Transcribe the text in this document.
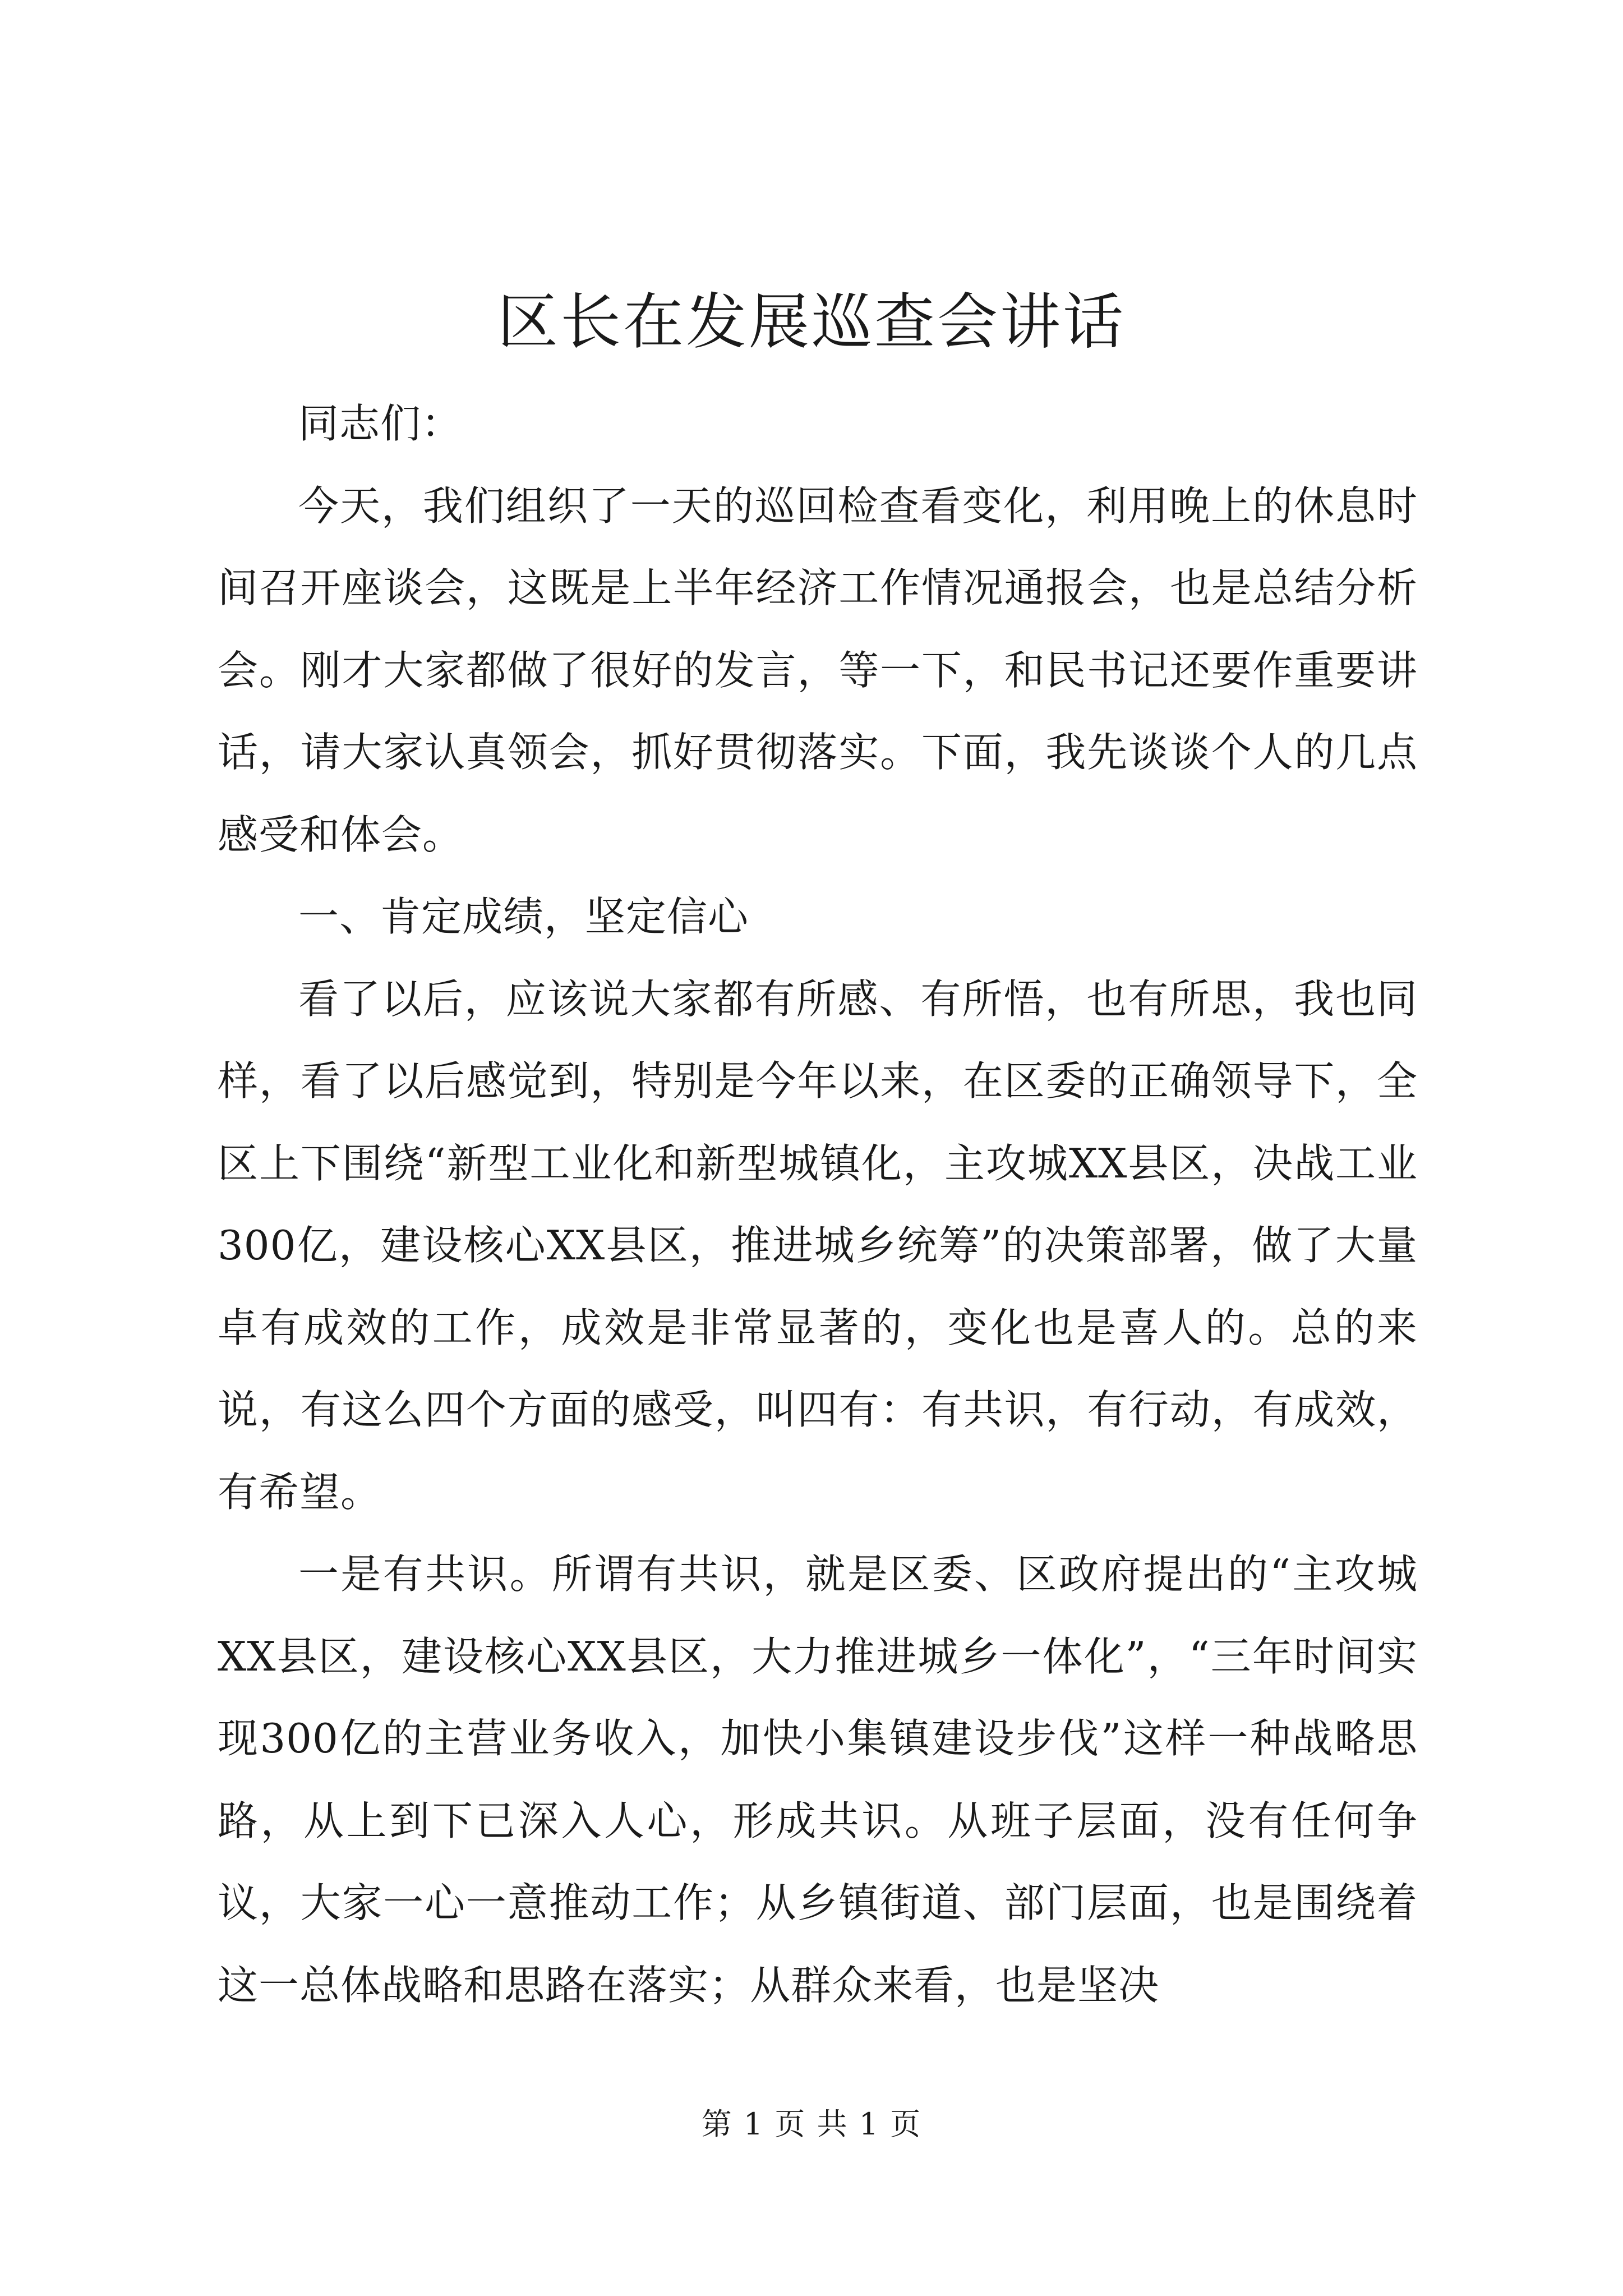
区长在发展巡查会讲话

同志们：

今天，我们组织了一天的巡回检查看变化，利用晚上的休息时间召开座谈会，这既是上半年经济工作情况通报会，也是总结分析会。刚才大家都做了很好的发言，等一下，和民书记还要作重要讲话，请大家认真领会，抓好贯彻落实。下面，我先谈谈个人的几点感受和体会。

一、肯定成绩，坚定信心

看了以后，应该说大家都有所感、有所悟，也有所思，我也同样，看了以后感觉到，特别是今年以来，在区委的正确领导下，全区上下围绕“新型工业化和新型城镇化，主攻城XX县区，决战工业300亿，建设核心XX县区，推进城乡统筹”的决策部署，做了大量卓有成效的工作，成效是非常显著的，变化也是喜人的。总的来说，有这么四个方面的感受，叫四有：有共识，有行动，有成效，有希望。

一是有共识。所谓有共识，就是区委、区政府提出的“主攻城XX县区，建设核心XX县区，大力推进城乡一体化”，“三年时间实现300亿的主营业务收入，加快小集镇建设步伐”这样一种战略思路，从上到下已深入人心，形成共识。从班子层面，没有任何争议，大家一心一意推动工作；从乡镇街道、部门层面，也是围绕着这一总体战略和思路在落实；从群众来看，也是坚决

第 1 页 共 1 页
